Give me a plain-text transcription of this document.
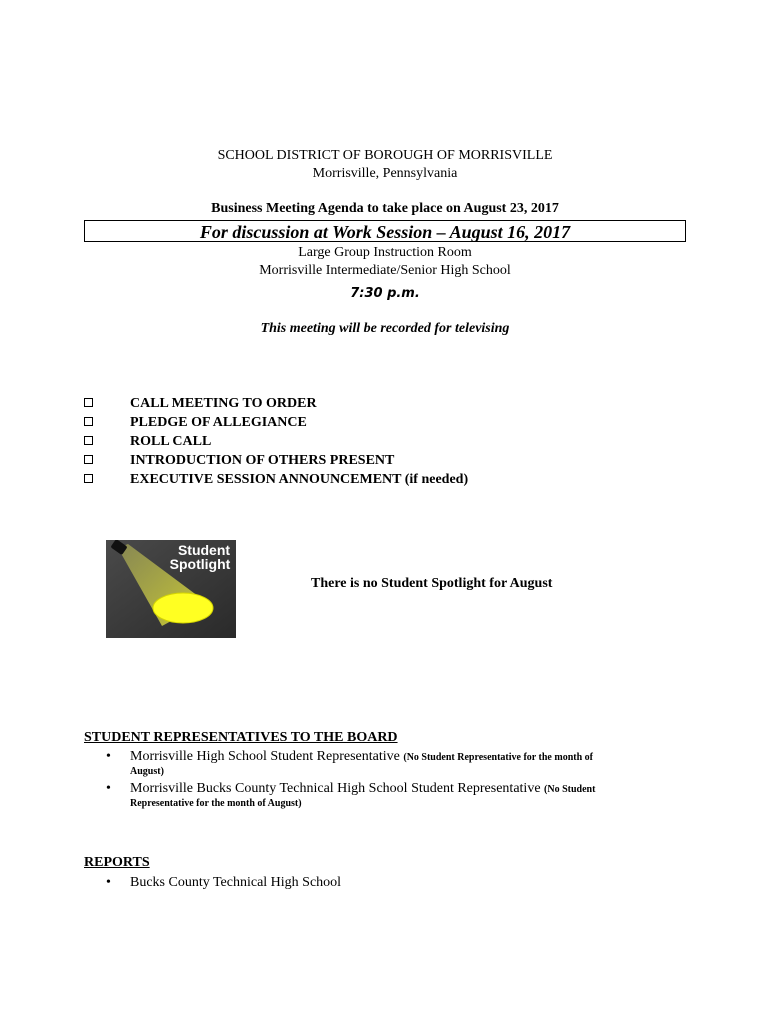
SCHOOL DISTRICT OF BOROUGH OF MORRISVILLE
Morrisville, Pennsylvania
Business Meeting Agenda to take place on August 23, 2017
For discussion at Work Session – August 16, 2017
Large Group Instruction Room
Morrisville Intermediate/Senior High School
7:30 p.m.
This meeting will be recorded for televising
CALL MEETING TO ORDER
PLEDGE OF ALLEGIANCE
ROLL CALL
INTRODUCTION OF OTHERS PRESENT
EXECUTIVE SESSION ANNOUNCEMENT (if needed)
Student
Spotlight
There is no Student Spotlight for August
STUDENT REPRESENTATIVES TO THE BOARD
• Morrisville High School Student Representative (No Student Representative for the month of
August)
• Morrisville Bucks County Technical High School Student Representative (No Student
Representative for the month of August)
REPORTS
• Bucks County Technical High School
